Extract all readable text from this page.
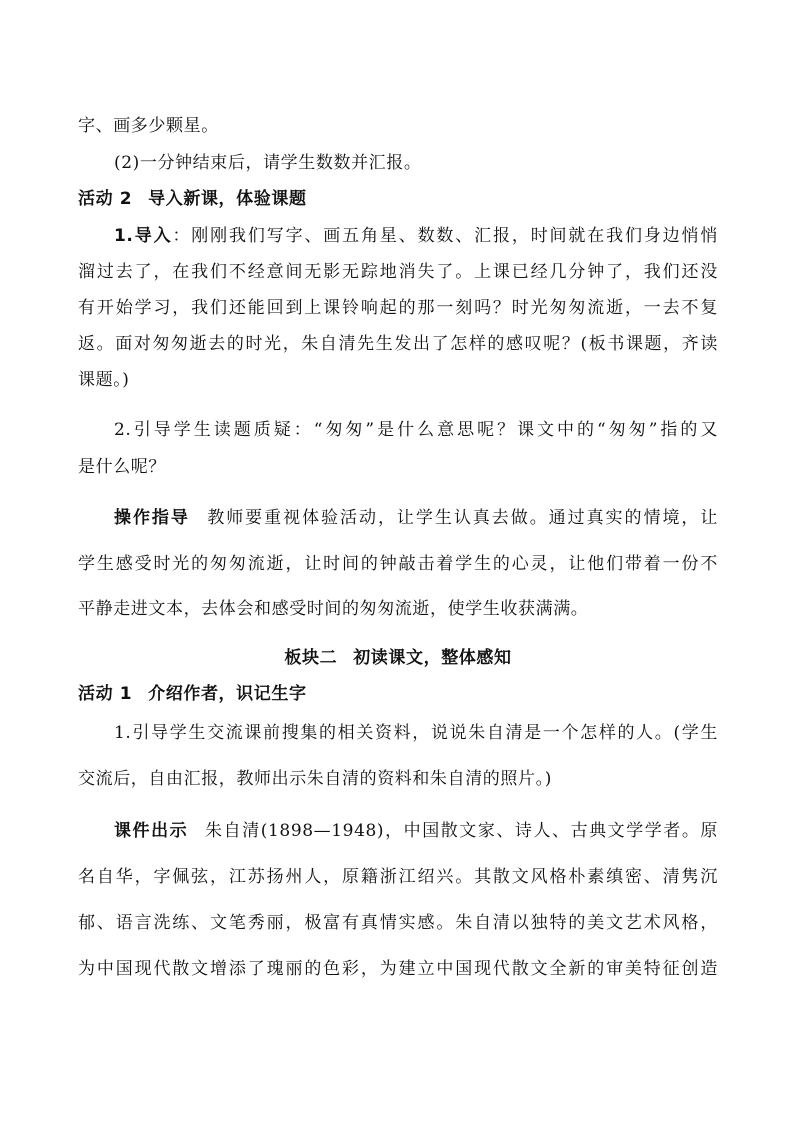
字、画多少颗星。
(2)一分钟结束后，请学生数数并汇报。
活动 2 导入新课，体验课题
1.导入：刚刚我们写字、画五角星、数数、汇报，时间就在我们身边悄悄
溜过去了，在我们不经意间无影无踪地消失了。上课已经几分钟了，我们还没
有开始学习，我们还能回到上课铃响起的那一刻吗？时光匆匆流逝，一去不复
返。面对匆匆逝去的时光，朱自清先生发出了怎样的感叹呢？(板书课题，齐读
课题。)
2.引导学生读题质疑：“匆匆”是什么意思呢？课文中的“匆匆”指的又
是什么呢？
操作指导 教师要重视体验活动，让学生认真去做。通过真实的情境，让
学生感受时光的匆匆流逝，让时间的钟敲击着学生的心灵，让他们带着一份不
平静走进文本，去体会和感受时间的匆匆流逝，使学生收获满满。
板块二 初读课文，整体感知
活动 1 介绍作者，识记生字
1.引导学生交流课前搜集的相关资料，说说朱自清是一个怎样的人。(学生
交流后，自由汇报，教师出示朱自清的资料和朱自清的照片。)
课件出示 朱自清(1898—1948)，中国散文家、诗人、古典文学学者。原
名自华，字佩弦，江苏扬州人，原籍浙江绍兴。其散文风格朴素缜密、清隽沉
郁、语言洗练、文笔秀丽，极富有真情实感。朱自清以独特的美文艺术风格，
为中国现代散文增添了瑰丽的色彩，为建立中国现代散文全新的审美特征创造
